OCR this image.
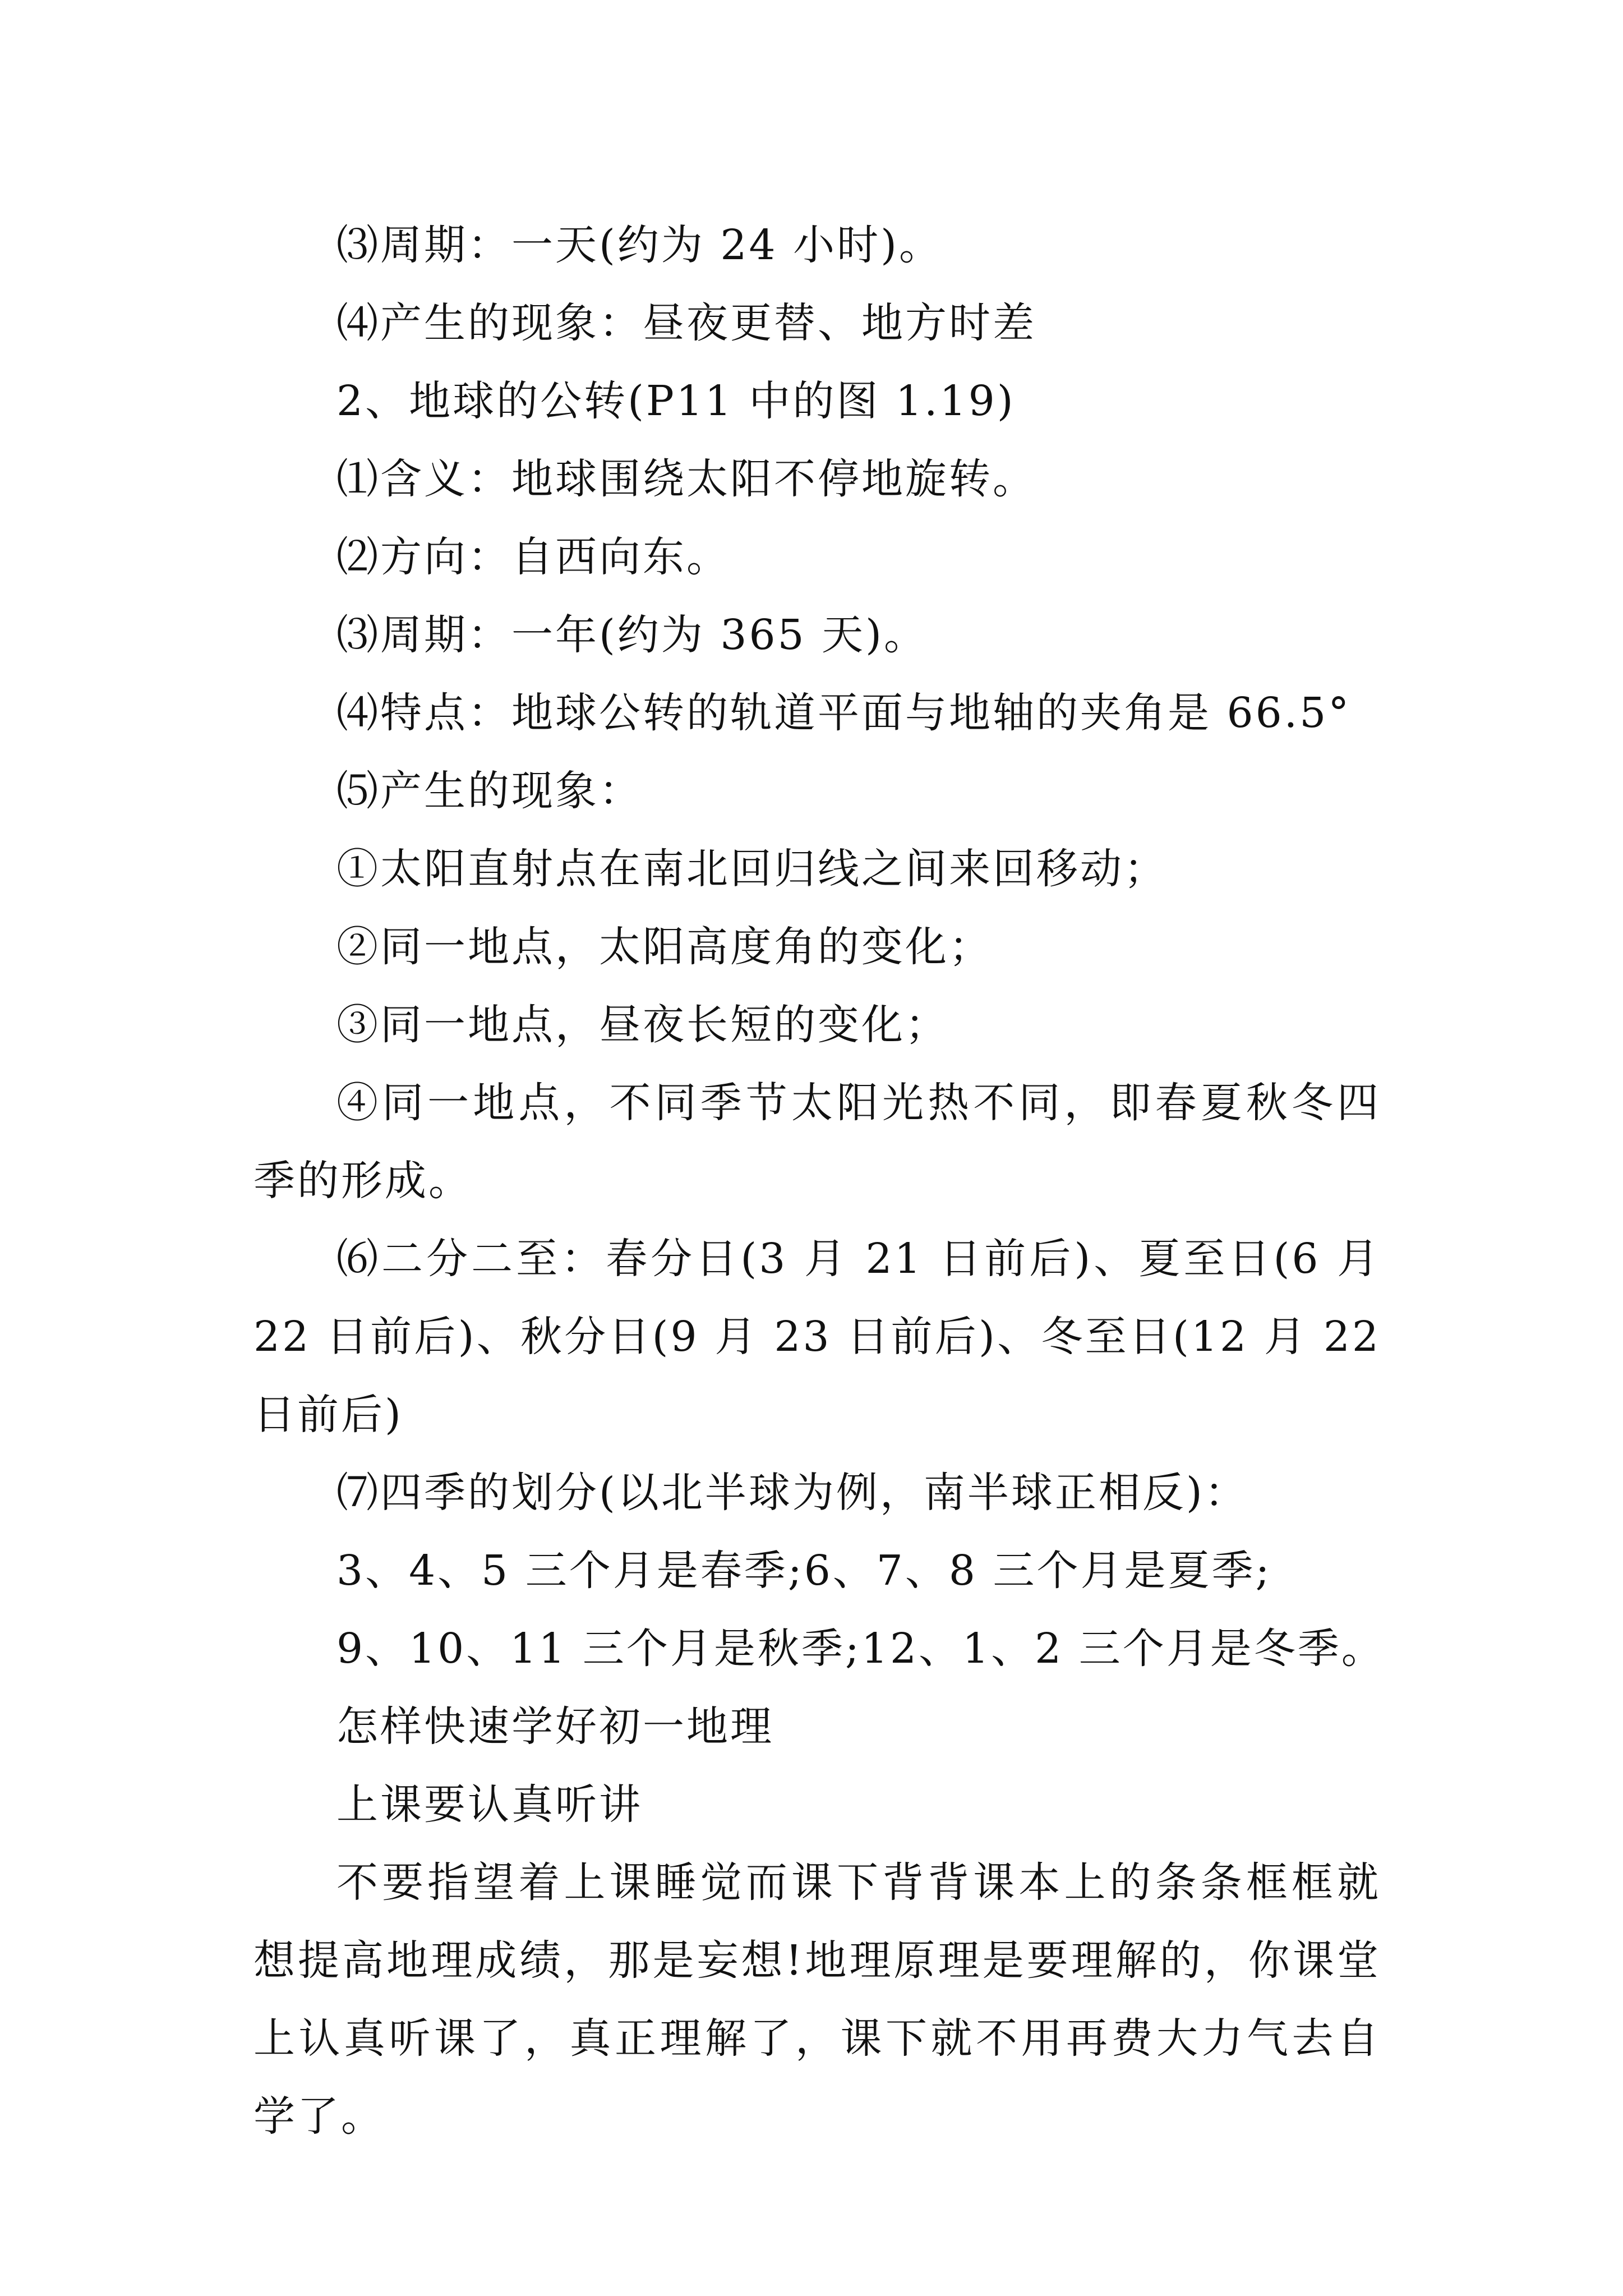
⑶周期：一天(约为 24 小时)。
⑷产生的现象：昼夜更替、地方时差
2、地球的公转(P11 中的图 1.19)
⑴含义：地球围绕太阳不停地旋转。
⑵方向：自西向东。
⑶周期：一年(约为 365 天)。
⑷特点：地球公转的轨道平面与地轴的夹角是 66.5°
⑸产生的现象：
①太阳直射点在南北回归线之间来回移动；
②同一地点，太阳高度角的变化；
③同一地点，昼夜长短的变化；
④同一地点，不同季节太阳光热不同，即春夏秋冬四季的形成。
⑹二分二至：春分日(3 月 21 日前后)、夏至日(6 月 22 日前后)、秋分日(9 月 23 日前后)、冬至日(12 月 22 日前后)
⑺四季的划分(以北半球为例，南半球正相反)：
3、4、5 三个月是春季;6、7、8 三个月是夏季;
9、10、11 三个月是秋季;12、1、2 三个月是冬季。
怎样快速学好初一地理
上课要认真听讲
不要指望着上课睡觉而课下背背课本上的条条框框就想提高地理成绩，那是妄想!地理原理是要理解的，你课堂上认真听课了，真正理解了，课下就不用再费大力气去自学了。
